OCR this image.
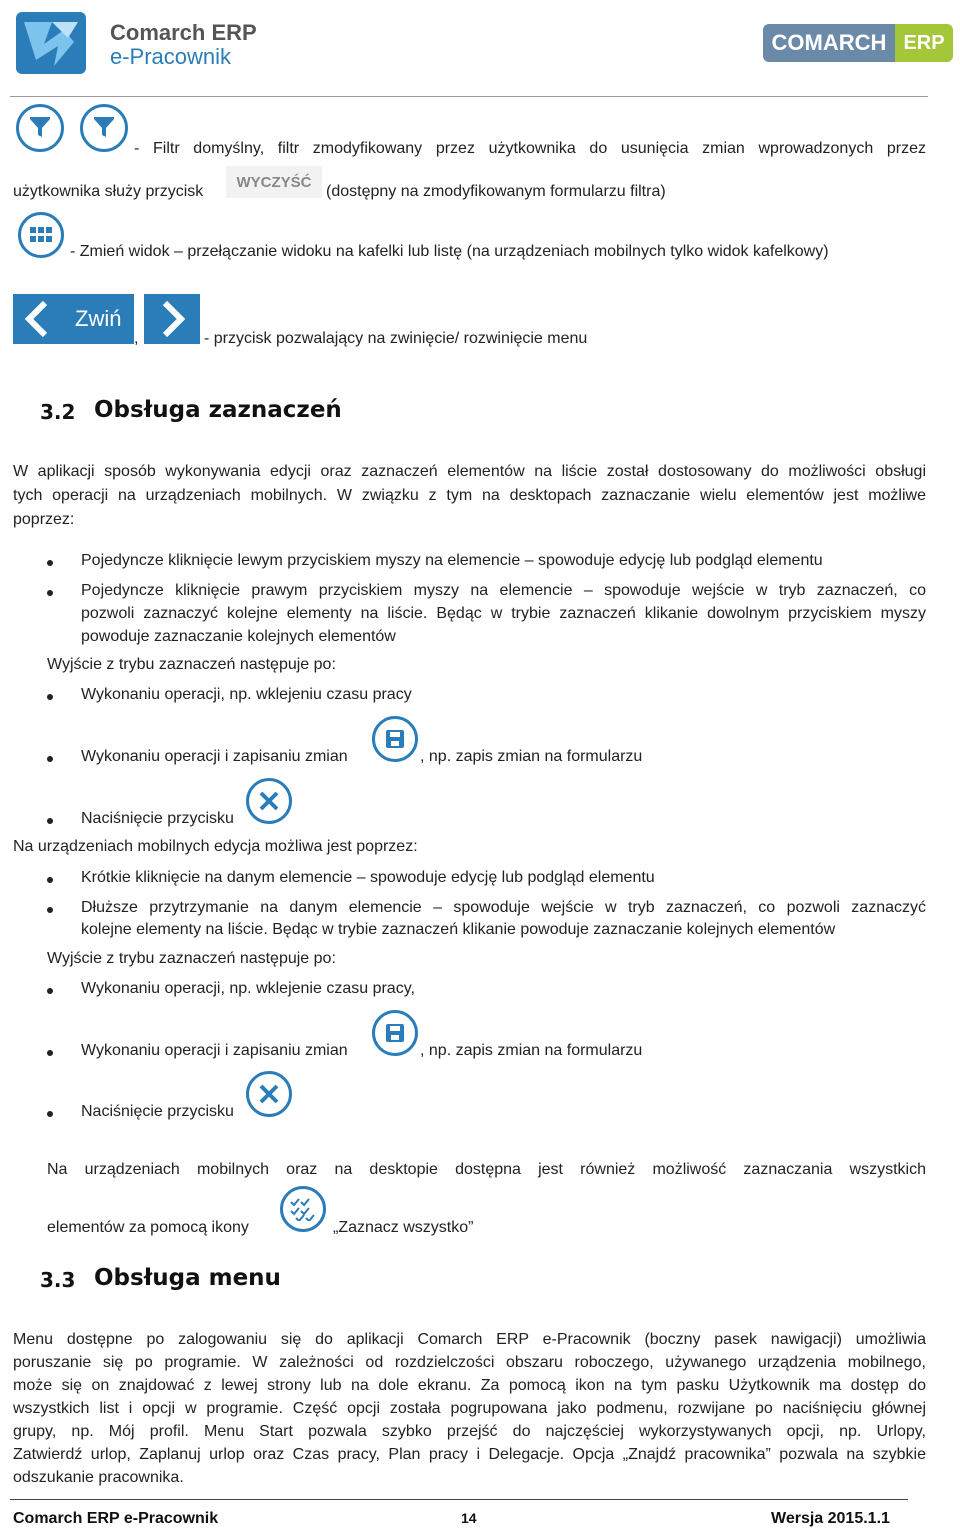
Comarch ERP
e-Pracownik
COMARCH ERP
- Filtr domyślny, filtr zmodyfikowany przez użytkownika do usunięcia zmian wprowadzonych przez
użytkownika służy przycisk
WYCZYŚĆ
(dostępny na zmodyfikowanym formularzu filtra)
- Zmień widok – przełączanie widoku na kafelki lub listę (na urządzeniach mobilnych tylko widok kafelkowy)
Zwiń
,	- przycisk pozwalający na zwinięcie/ rozwinięcie menu
3.2 Obsługa zaznaczeń
W aplikacji sposób wykonywania edycji oraz zaznaczeń elementów na liście został dostosowany do możliwości obsługi
tych operacji na urządzeniach mobilnych. W związku z tym na desktopach zaznaczanie wielu elementów jest możliwe
poprzez:
Pojedyncze kliknięcie lewym przyciskiem myszy na elemencie – spowoduje edycję lub podgląd elementu
Pojedyncze kliknięcie prawym przyciskiem myszy na elemencie – spowoduje wejście w tryb zaznaczeń, co
pozwoli zaznaczyć kolejne elementy na liście. Będąc w trybie zaznaczeń klikanie dowolnym przyciskiem myszy
powoduje zaznaczanie kolejnych elementów
Wyjście z trybu zaznaczeń następuje po:
Wykonaniu operacji, np. wklejeniu czasu pracy
Wykonaniu operacji i zapisaniu zmian	, np. zapis zmian na formularzu
Naciśnięcie przycisku
Na urządzeniach mobilnych edycja możliwa jest poprzez:
Krótkie kliknięcie na danym elemencie – spowoduje edycję lub podgląd elementu
Dłuższe przytrzymanie na danym elemencie – spowoduje wejście w tryb zaznaczeń, co pozwoli zaznaczyć
kolejne elementy na liście. Będąc w trybie zaznaczeń klikanie powoduje zaznaczanie kolejnych elementów
Wyjście z trybu zaznaczeń następuje po:
Wykonaniu operacji, np. wklejenie czasu pracy,
Wykonaniu operacji i zapisaniu zmian	, np. zapis zmian na formularzu
Naciśnięcie przycisku
Na urządzeniach mobilnych oraz na desktopie dostępna jest również możliwość zaznaczania wszystkich
elementów za pomocą ikony	„Zaznacz wszystko”
3.3 Obsługa menu
Menu dostępne po zalogowaniu się do aplikacji Comarch ERP e-Pracownik (boczny pasek nawigacji) umożliwia
poruszanie się po programie. W zależności od rozdzielczości obszaru roboczego, używanego urządzenia mobilnego,
może się on znajdować z lewej strony lub na dole ekranu. Za pomocą ikon na tym pasku Użytkownik ma dostęp do
wszystkich list i opcji w programie. Część opcji została pogrupowana jako podmenu, rozwijane po naciśnięciu głównej
grupy, np. Mój profil. Menu Start pozwala szybko przejść do najczęściej wykorzystywanych opcji, np. Urlopy,
Zatwierdź urlop, Zaplanuj urlop oraz Czas pracy, Plan pracy i Delegacje. Opcja „Znajdź pracownika” pozwala na szybkie
odszukanie pracownika.
Comarch ERP e-Pracownik	14	Wersja 2015.1.1
